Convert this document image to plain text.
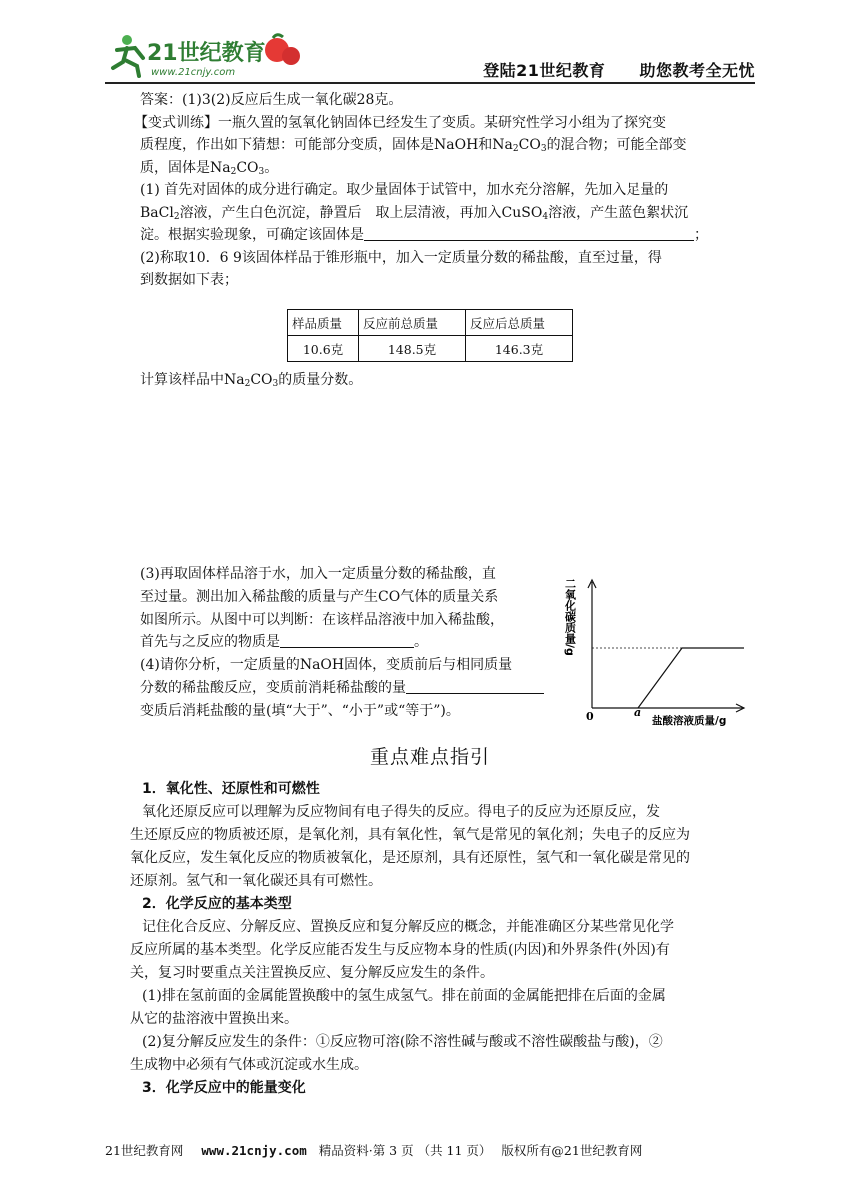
21世纪教育
www.21cnjy.com	登陆21世纪教育 助您教考全无忧

答案：(1)3(2)反应后生成一氧化碳28克。

【变式训练】一瓶久置的氢氧化钠固体已经发生了变质。某研究性学习小组为了探究变

质程度，作出如下猜想：可能部分变质，固体是NaOH和$Na_2CO_3$的混合物；可能全部变

质，固体是$Na_2CO_3$。

(1) 首先对固体的成分进行确定。取少量固体于试管中，加水充分溶解，先加入足量的

BaCl$_2$溶液，产生白色沉淀，静置后　取上层清液，再加入CuSO$_4$溶液，产生蓝色絮状沉

淀。根据实验现象，可确定该固体是	；

(2)称取10．6 9该固体样品于锥形瓶中，加入一定质量分数的稀盐酸，直至过量，得

到数据如下表；

样品质量	反应前总质量	反应后总质量
10.6克	148.5克	146.3克

计算该样品中$Na_2CO_3$的质量分数。

(3)再取固体样品溶于水，加入一定质量分数的稀盐酸，直

至过量。测出加入稀盐酸的质量与产生CO气体的质量关系

如图所示。从图中可以判断：在该样品溶液中加入稀盐酸，

首先与之反应的物质是	。

(4)请你分析，一定质量的NaOH固体，变质前后与相同质量

分数的稀盐酸反应，变质前消耗稀盐酸的量

变质后消耗盐酸的量(填“大于”、“小于”或“等于”)。

二氧化碳质量/g
0	a
盐酸溶液质量/g
重点难点指引

1．氧化性、还原性和可燃性

氧化还原反应可以理解为反应物间有电子得失的反应。得电子的反应为还原反应，发

生还原反应的物质被还原，是氧化剂，具有氧化性，氧气是常见的氧化剂；失电子的反应为

氧化反应，发生氧化反应的物质被氧化，是还原剂，具有还原性，氢气和一氧化碳是常见的

还原剂。氢气和一氧化碳还具有可燃性。

2．化学反应的基本类型

记住化合反应、分解反应、置换反应和复分解反应的概念，并能准确区分某些常见化学

反应所属的基本类型。化学反应能否发生与反应物本身的性质(内因)和外界条件(外因)有

关，复习时要重点关注置换反应、复分解反应发生的条件。

(1)排在氢前面的金属能置换酸中的氢生成氢气。排在前面的金属能把排在后面的金属

从它的盐溶液中置换出来。

(2)复分解反应发生的条件：①反应物可溶(除不溶性碱与酸或不溶性碳酸盐与酸)，②

生成物中必须有气体或沉淀或水生成。

3．化学反应中的能量变化

21世纪教育网 www.21cnjy.com 精品资料·第 3 页 （共 11 页） 版权所有@21世纪教育网
